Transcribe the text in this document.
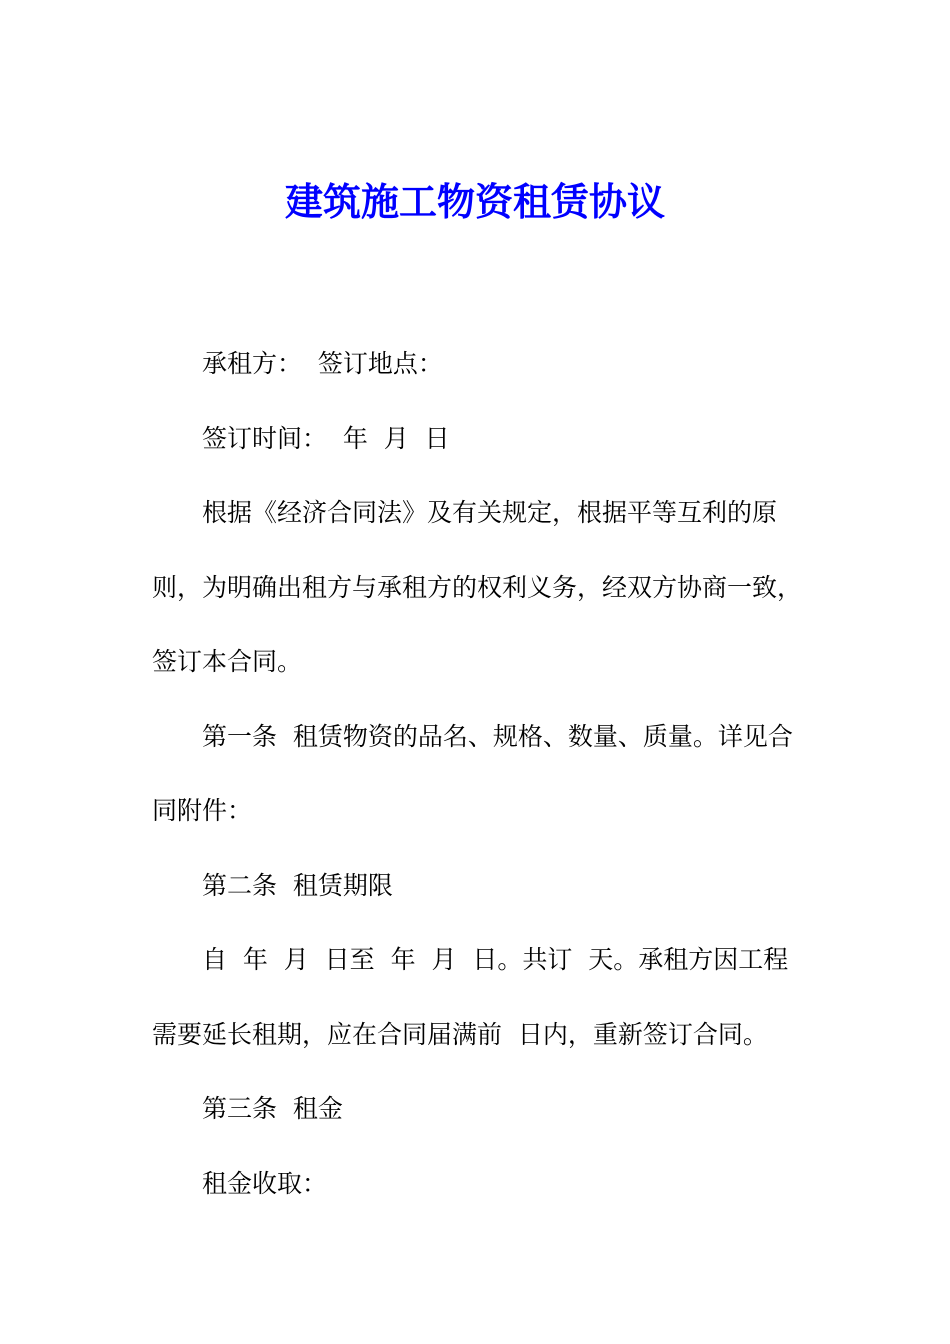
建筑施工物资租赁协议

承租方：  签订地点：

签订时间：  年  月  日

根据《经济合同法》及有关规定，根据平等互利的原则，为明确出租方与承租方的权利义务，经双方协商一致，签订本合同。

第一条  租赁物资的品名、规格、数量、质量。详见合同附件：

第二条  租赁期限

自  年  月  日至  年  月  日。共订  天。承租方因工程需要延长租期，应在合同届满前  日内，重新签订合同。

第三条  租金

租金收取：
